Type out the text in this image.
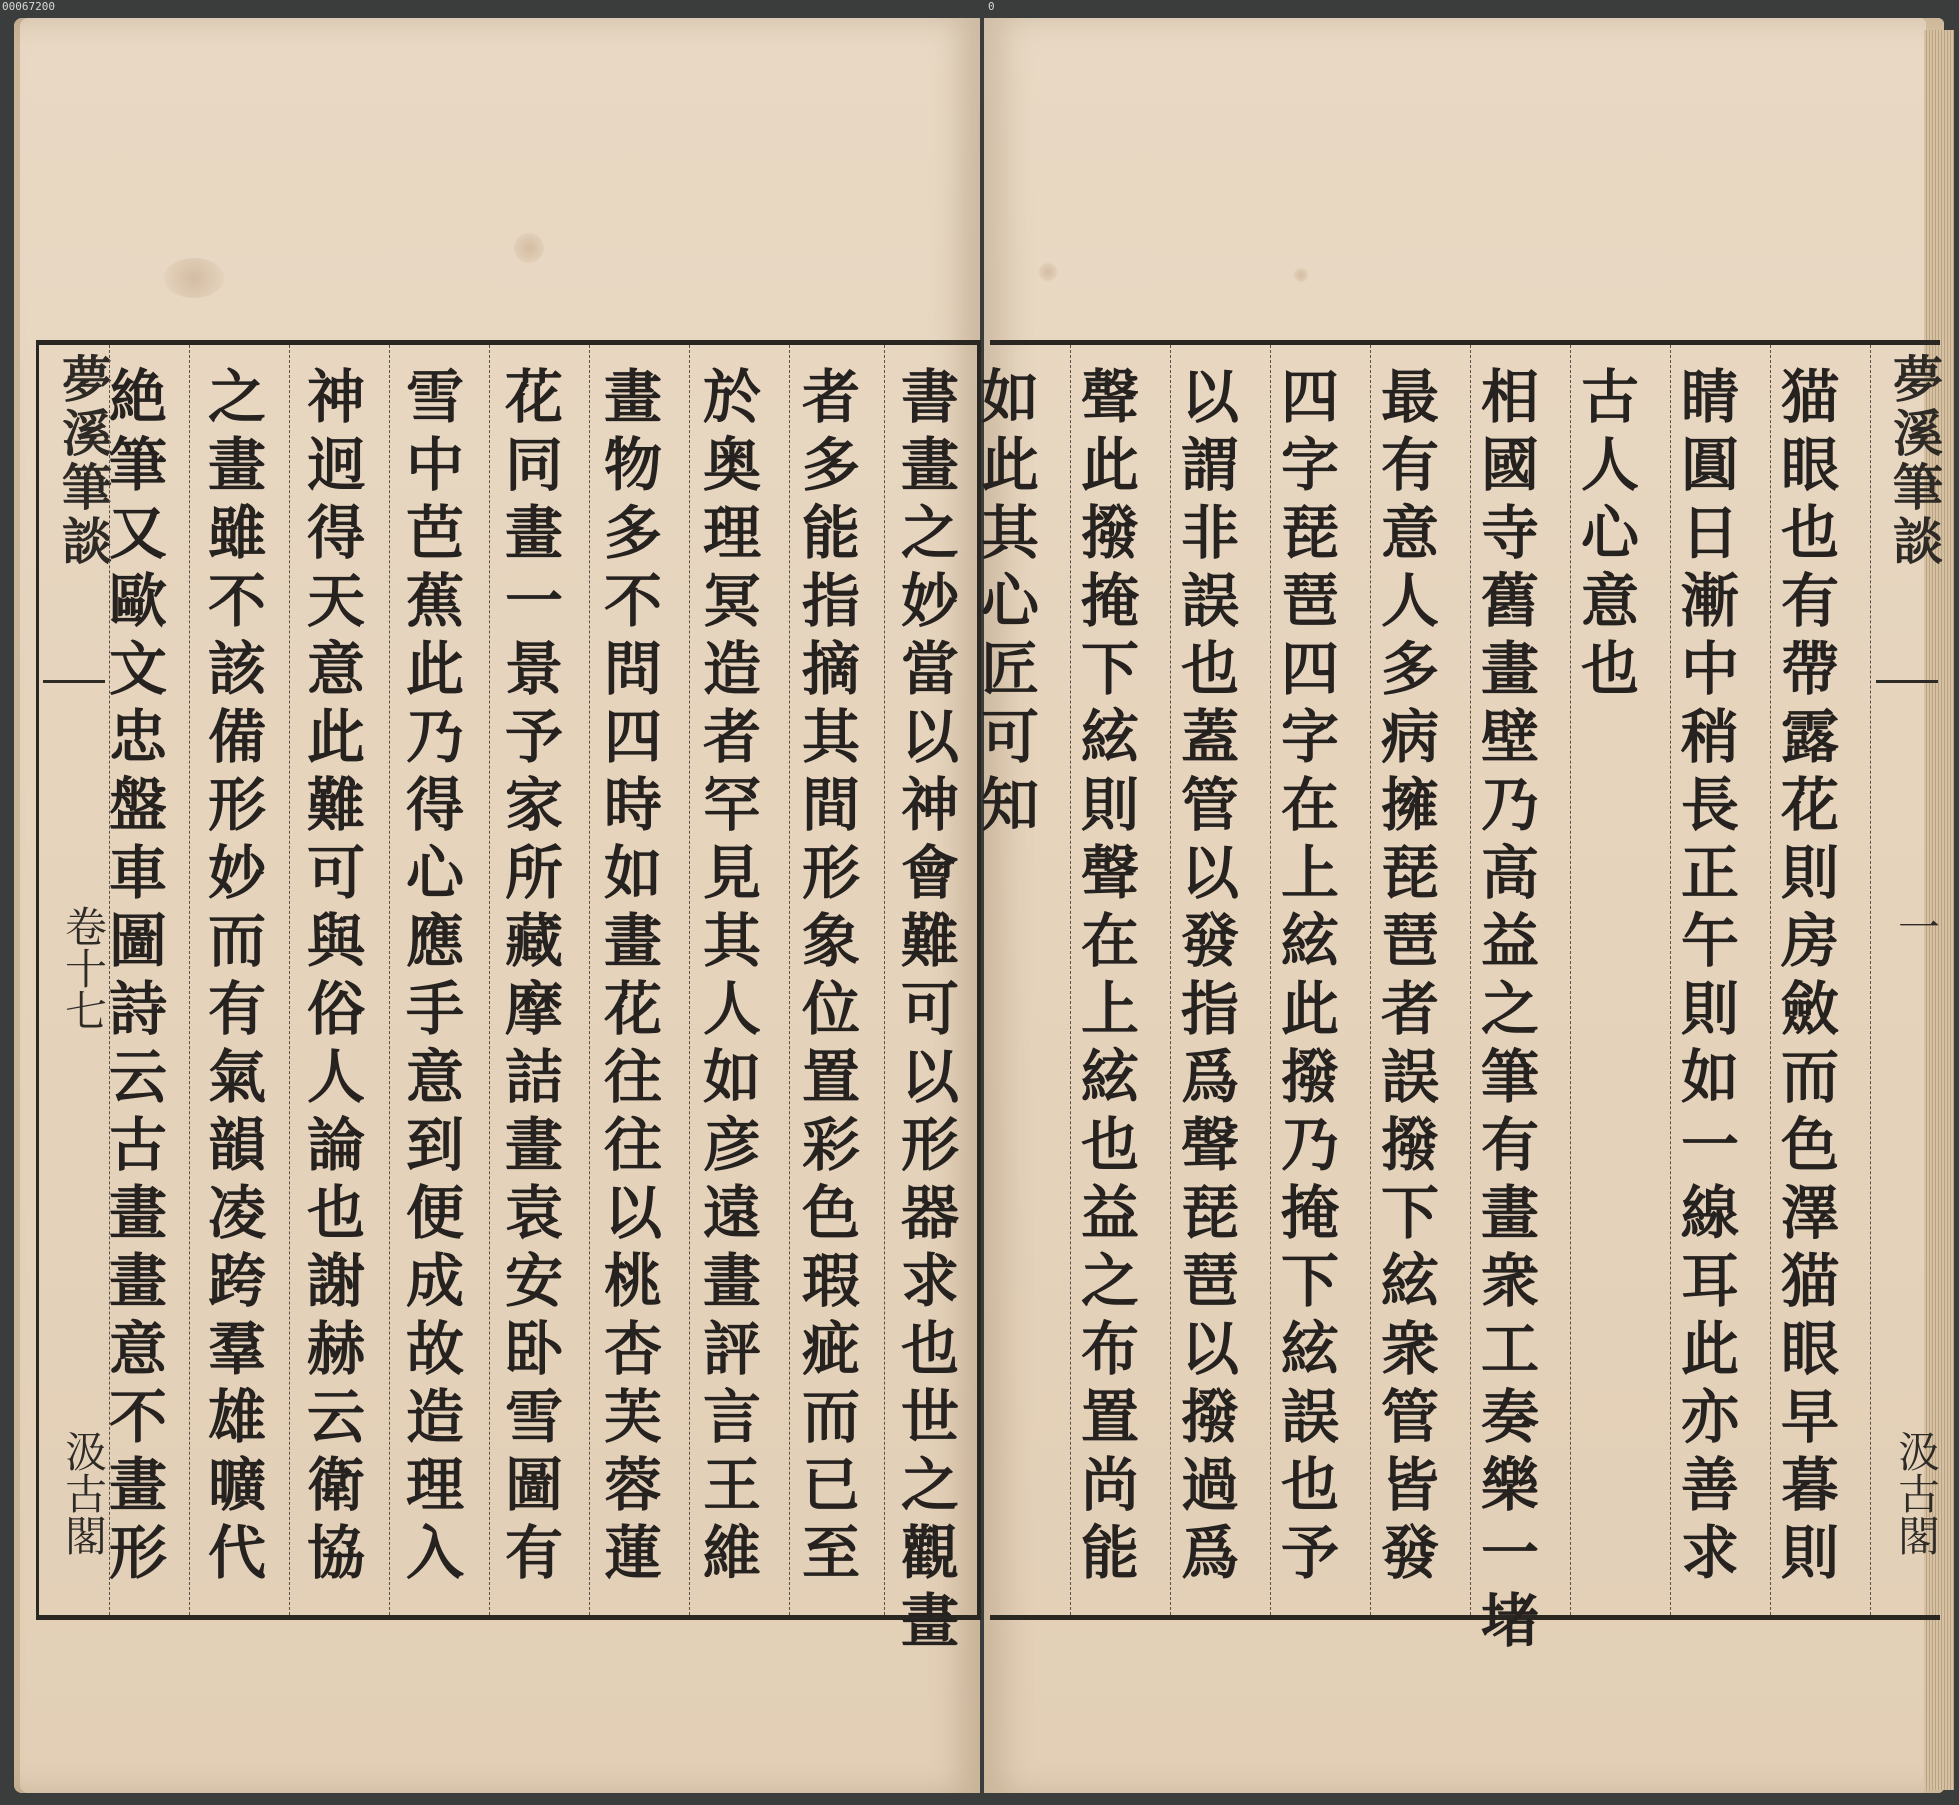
00067200	0
夢溪筆談
卷十七
汲古閣
書
畫
之
妙
當
以
神
會
難
可
以
形
器
求
也
世
之
觀
畫
者
多
能
指
摘
其
間
形
象
位
置
彩
色
瑕
疵
而
已
至
於
奥
理
冥
造
者
罕
見
其
人
如
彦
遠
畫
評
言
王
維
畫
物
多
不
問
四
時
如
畫
花
往
往
以
桃
杏
芙
蓉
蓮
花
同
畫
一
景
予
家
所
藏
摩
詰
畫
袁
安
卧
雪
圖
有
雪
中
芭
蕉
此
乃
得
心
應
手
意
到
便
成
故
造
理
入
神
迥
得
天
意
此
難
可
與
俗
人
論
也
謝
赫
云
衛
協
之
畫
雖
不
該
備
形
妙
而
有
氣
韻
凌
跨
羣
雄
曠
代
絶
筆
又
歐
文
忠
盤
車
圖
詩
云
古
畫
畫
意
不
畫
形
猫
眼
也
有
帶
露
花
則
房
斂
而
色
澤
猫
眼
早
暮
則
睛
圓
日
漸
中
稍
長
正
午
則
如
一
線
耳
此
亦
善
求
古
人
心
意
也
相
國
寺
舊
畫
壁
乃
高
益
之
筆
有
畫
衆
工
奏
樂
一
堵
最
有
意
人
多
病
擁
琵
琶
者
誤
撥
下
絃
衆
管
皆
發
四
字
琵
琶
四
字
在
上
絃
此
撥
乃
掩
下
絃
誤
也
予
以
謂
非
誤
也
蓋
管
以
發
指
爲
聲
琵
琶
以
撥
過
爲
聲
此
撥
掩
下
絃
則
聲
在
上
絃
也
益
之
布
置
尚
能
如
此
其
心
匠
可
知
夢溪筆談
一
汲古閣
